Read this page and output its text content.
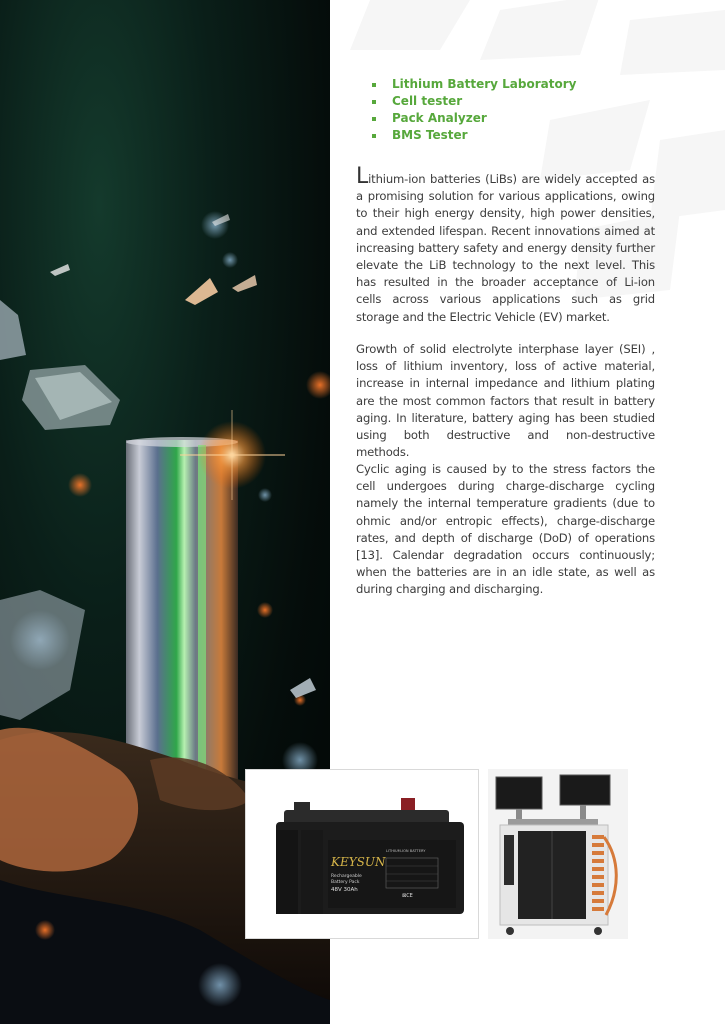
Lithium Battery Laboratory
Cell tester
Pack Analyzer
BMS Tester

Lithium-ion batteries (LiBs) are widely accepted as a promising solution for various applications, owing to their high energy density, high power densities, and extended lifespan. Recent innovations aimed at increasing battery safety and energy density further elevate the LiB technology to the next level. This has resulted in the broader acceptance of Li-ion cells across various applications such as grid storage and the Electric Vehicle (EV) market.

Growth of solid electrolyte interphase layer (SEI) , loss of lithium inventory, loss of active material, increase in internal impedance and lithium plating are the most common factors that result in battery aging. In literature, battery aging has been studied using both destructive and non-destructive methods.

Cyclic aging is caused by to the stress factors the cell undergoes during charge-discharge cycling namely the internal temperature gradients (due to ohmic and/or entropic effects), charge-discharge rates, and depth of discharge (DoD) of operations [13]. Calendar degradation occurs continuously; when the batteries are in an idle state, as well as during charging and discharging.

KEYSUN
Rechargeable
Battery Pack
48V 30Ah
LITHIUM-ION BATTERY
⊠CE
